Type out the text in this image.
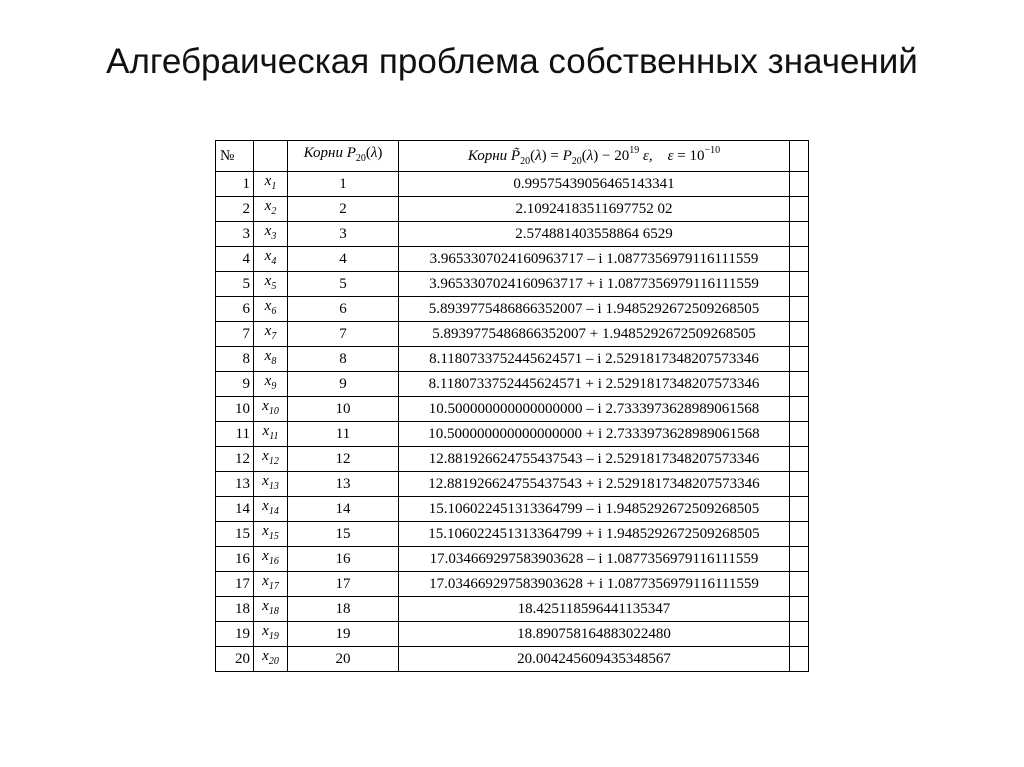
Алгебраическая проблема собственных значений
№		Корни $P_{20}(\lambda)$	Корни $P̃_{20}(\lambda) = P_{20}(\lambda) - 20^{19}$ ε,    $\varepsilon = 10^{-10}$	
1	$x_1$	1	0.99575439056465143341	
2	$x_2$	2	2.10924183511697752 02	
3	$x_3$	3	2.574881403558864 6529	
4	$x_4$	4	3.9653307024160963717 – i 1.0877356979116111559	
5	$x_5$	5	3.9653307024160963717 + i 1.0877356979116111559	
6	$x_6$	6	5.8939775486866352007 – i 1.9485292672509268505	
7	$x_7$	7	5.8939775486866352007 + 1.9485292672509268505	
8	$x_8$	8	8.1180733752445624571 – i 2.5291817348207573346	
9	$x_9$	9	8.1180733752445624571 + i 2.5291817348207573346	
10	$x_{10}$	10	10.500000000000000000 – i 2.7333973628989061568	
11	$x_{11}$	11	10.500000000000000000 + i 2.7333973628989061568	
12	$x_{12}$	12	12.881926624755437543 – i 2.5291817348207573346	
13	$x_{13}$	13	12.881926624755437543 + i 2.5291817348207573346	
14	$x_{14}$	14	15.106022451313364799 – i 1.9485292672509268505	
15	$x_{15}$	15	15.106022451313364799 + i 1.9485292672509268505	
16	$x_{16}$	16	17.034669297583903628 – i 1.0877356979116111559	
17	$x_{17}$	17	17.034669297583903628 + i 1.0877356979116111559	
18	$x_{18}$	18	18.425118596441135347	
19	$x_{19}$	19	18.890758164883022480	
20	$x_{20}$	20	20.004245609435348567	
